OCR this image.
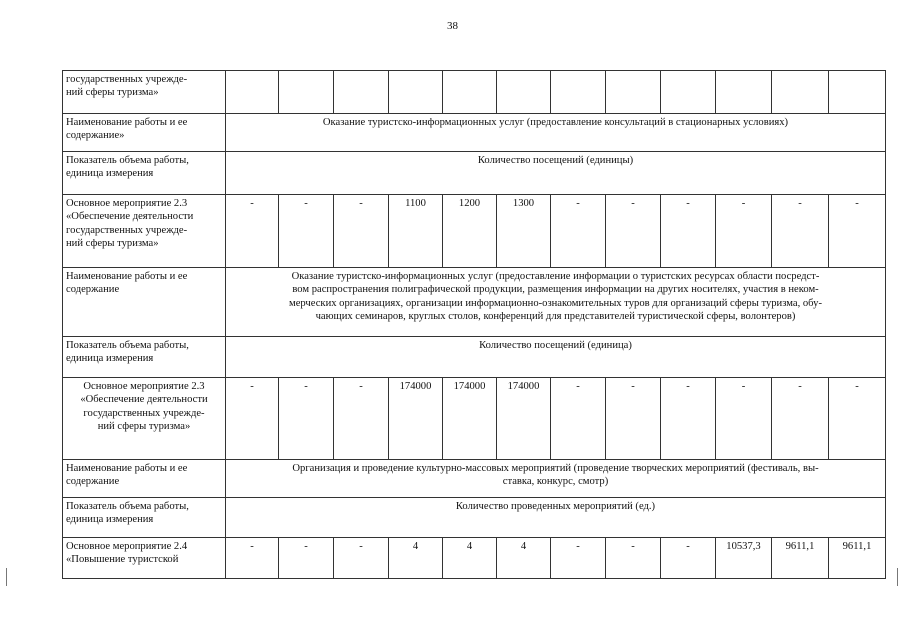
38
государственных учрежде-
ний сферы туризма»												
Наименование работы и ее
содержание»	Оказание туристско-информационных услуг (предоставление консультаций в стационарных условиях)											
Показатель объема работы,
единица измерения	Количество посещений (единицы)											
Основное мероприятие 2.3
«Обеспечение деятельности
государственных учрежде-
ний сферы туризма»	-	-	-	1100	1200	1300	-	-	-	-	-	-
Наименование работы и ее
содержание	Оказание туристско-информационных услуг (предоставление информации о туристских ресурсах области посредст-
вом распространения полиграфической продукции, размещения информации на других носителях, участия в неком-
мерческих организациях, организации информационно-ознакомительных туров для организаций сферы туризма, обу-
чающих семинаров, круглых столов, конференций для представителей туристической сферы, волонтеров)											
Показатель объема работы,
единица измерения	Количество посещений (единица)											
Основное мероприятие 2.3
«Обеспечение деятельности
государственных учрежде-
ний сферы туризма»	-	-	-	174000	174000	174000	-	-	-	-	-	-
Наименование работы и ее
содержание	Организация и проведение культурно-массовых мероприятий (проведение творческих мероприятий (фестиваль, вы-
ставка, конкурс, смотр)											
Показатель объема работы,
единица измерения	Количество проведенных мероприятий (ед.)											
Основное мероприятие 2.4
«Повышение туристской	-	-	-	4	4	4	-	-	-	10537,3	9611,1	9611,1
